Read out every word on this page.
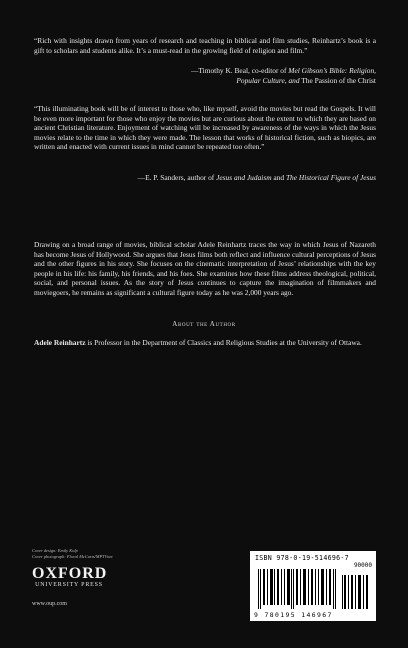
“Rich with insights drawn from years of research and teaching in biblical and film studies, Reinhartz’s book is a gift to scholars and students alike. It’s a must-read in the growing field of religion and film.”
—Timothy K. Beal, co-editor of Mel Gibson’s Bible: Religion,
Popular Culture, and The Passion of the Christ
“This illuminating book will be of interest to those who, like myself, avoid the movies but read the Gospels. It will be even more important for those who enjoy the movies but are curious about the extent to which they are based on ancient Christian literature. Enjoyment of watching will be increased by awareness of the ways in which the Jesus movies relate to the time in which they were made. The lesson that works of historical fiction, such as biopics, are written and enacted with current issues in mind cannot be repeated too often.”
—E. P. Sanders, author of Jesus and Judaism and The Historical Figure of Jesus
Drawing on a broad range of movies, biblical scholar Adele Reinhartz traces the way in which Jesus of Nazareth has become Jesus of Hollywood. She argues that Jesus films both reflect and influence cultural perceptions of Jesus and the other figures in his story. She focuses on the cinematic interpretation of Jesus’ relationships with the key people in his life: his family, his friends, and his foes. She examines how these films address theological, political, social, and personal issues. As the story of Jesus continues to capture the imagination of filmmakers and moviegoers, he remains as significant a cultural figure today as he was 2,000 years ago.
About the Author
Adele Reinhartz is Professor in the Department of Classics and Religious Studies at the University of Ottawa.
Cover design: Emily Kolp
Cover photograph: Floral McCarts/MPTVnet
OXFORD
UNIVERSITY PRESS
www.oup.com
ISBN 978-0-19-514696-7
90000
9 780195 146967
